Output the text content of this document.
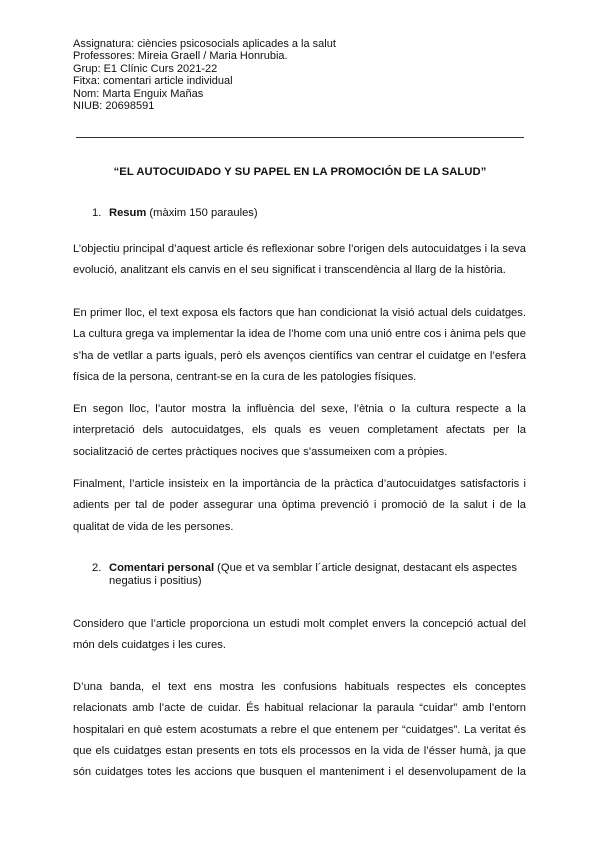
Assignatura: ciències psicosocials aplicades a la salut
Professores: Mireia Graell / Maria Honrubia.
Grup: E1 Clínic Curs 2021-22
Fitxa: comentari article individual
Nom: Marta Enguix Mañas
NIUB: 20698591
“EL AUTOCUIDADO Y SU PAPEL EN LA PROMOCIÓN DE LA SALUD”
1. Resum (màxim 150 paraules)
L’objectiu principal d’aquest article és reflexionar sobre l’origen dels autocuidatges i la seva
evolució, analitzant els canvis en el seu significat i transcendència al llarg de la història.
En primer lloc, el text exposa els factors que han condicionat la visió actual dels cuidatges.
La cultura grega va implementar la idea de l’home com una unió entre cos i ànima pels que
s’ha de vetllar a parts iguals, però els avenços científics van centrar el cuidatge en l’esfera
física de la persona, centrant-se en la cura de les patologies físiques.
En segon lloc, l’autor mostra la influència del sexe, l’ètnia o la cultura respecte a la
interpretació dels autocuidatges, els quals es veuen completament afectats per la
socialització de certes pràctiques nocives que s’assumeixen com a pròpies.
Finalment, l’article insisteix en la importància de la pràctica d’autocuidatges satisfactoris i
adients per tal de poder assegurar una òptima prevenció i promoció de la salut i de la
qualitat de vida de les persones.
2. Comentari personal (Que et va semblar l´article designat, destacant els aspectes
negatius i positius)
Considero que l’article proporciona un estudi molt complet envers la concepció actual del
món dels cuidatges i les cures.
D’una banda, el text ens mostra les confusions habituals respectes els conceptes
relacionats amb l’acte de cuidar. És habitual relacionar la paraula “cuidar” amb l’entorn
hospitalari en què estem acostumats a rebre el que entenem per “cuidatges”. La veritat és
que els cuidatges estan presents en tots els processos en la vida de l’ésser humà, ja que
són cuidatges totes les accions que busquen el manteniment i el desenvolupament de la
